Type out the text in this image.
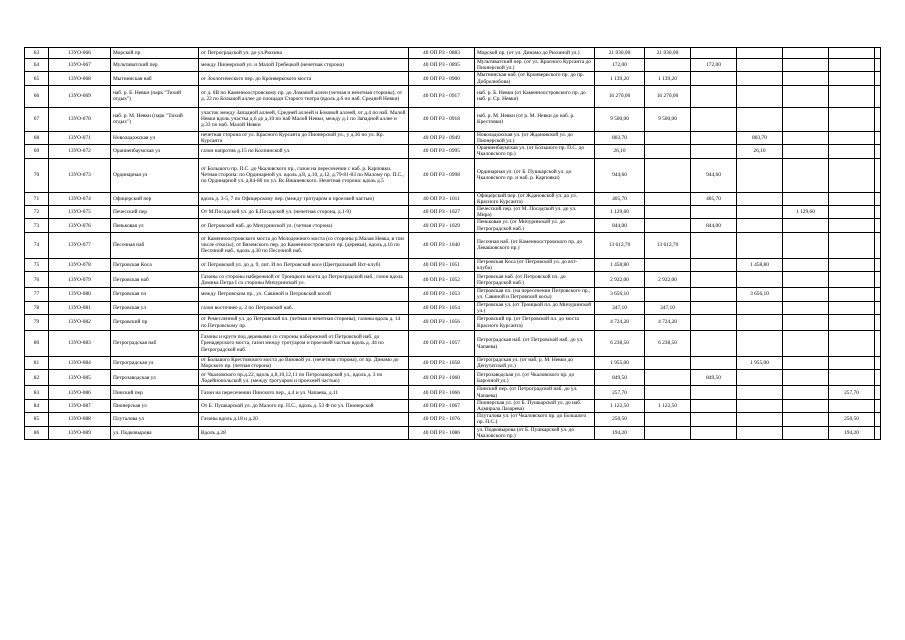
63	13УО-066	Морской пр	от Петроградской ул. до ул.Рюхина	40 ОП РЗ - 0883	Морской пр. (от ул. Динамо до Рюхиной ул.)	21 030,00	21 030,00					
64	13УО-067	Мультиватский пер	между Пионерской ул. и Малой Гребецкой (нечетная сторона)	40 ОП РЗ - 0895	Мультиватский пер. (от ул. Красного Курсанта до Пионерской ул.)	172,00		172,00				
65	13УО-068	Мытнинская наб	от Зоологического пер. до Кронверкского моста	40 ОП РЗ - 0900	Мытнинская наб. (от Кронверкского пр. до пр. Добролюбова)	1 139,20	1 139,20					
66	13УО-069	наб. р. Б. Невки (парк "Тихий отдых")	от д. 6В по Каменноостровскому пр. до Ломаной аллеи (четная и нечетная стороны), от д. 22 по Большой аллее до площади Старого театра (вдоль д.6 по наб. Средней Невки)	40 ОП РЗ - 0917	наб. р. Б. Невки (от Каменноостровского пр. до наб. р. Ср. Невки)	16 270,00	16 270,00					
67	13УО-070	наб. р. М. Невки (парк "Тихий отдых")	участок между Западной аллеей, Средней аллеей и Боковой аллеей, от д.4 по наб. Малой Невки вдоль участка д.6 до д.10 по наб Малой Невки, между д.1 по Западной аллее и д.33 по наб. Малой Невки	40 ОП РЗ - 0918	наб. р. М. Невки (от р. М. Невки до наб. р. Крестовки)	9 500,00	9 500,00					
68	13УО-071	Новоладожская ул	нечетная сторона от ул. Красного Курсанта до Пионерской ул., у д.36 по ул. Кр. Курсанта	40 ОП РЗ - 0949	Новоладожская ул. (от Ждановской ул. до Пионерской ул.)	803,70			803,70			
69	13УО-072	Ораниенбаумская ул	газон напротив д.15 по Колпинской ул.	40 ОП РЗ - 0995	Ораниенбаумская ул. (от Большого пр. П.С. до Чкаловского пр.)	26,10			26,10			
70	13УО-073	Ординарная ул	от Большого пр. П.С. до Чкаловского пр., газон на пересечении с наб. р. Карповки. Четная сторона: по Ординарной ул. вдоль д.8, д.10, д.12, д.79-81-83 по Малому пр. П.С., по Ординарной ул. д.84-86 по ул. Вс.Вишневского. Нечетная сторона: вдоль д.5	40 ОП РЗ - 0998	Ординарная ул. (от Б. Пушкарской ул. до Чкаловского пр. и наб. р. Карповки)	944,60		944,60				
71	13УО-074	Офицерский пер	вдоль д. 3-5, 7 по Офицерскому пер. (между тротуаром и проезжей частью)	40 ОП РЗ - 1011	Офицерский пер. (от Ждановской ул. до ул. Красного Курсанта)	405,70		405,70				
72	13УО-075	Печесский пер	От М.Посадской ул. до Б.Посадской ул. (нечетная сторона, д.1-9)	40 ОП РЗ - 1027	Печесский пер. (от М. Посадской ул. до ул. Мира)	1 129,60				1 129,60		
73	13УО-076	Пеньковая ул	от Петровской наб. до Мичуринской ул. (четная сторона)	40 ОП РЗ - 1029	Пеньковая ул. (от Мичуринской ул. до Петроградской наб.)	844,00		844,00				
74	13УО-077	Песочная наб	от Каменноостровского моста до Молодежного моста (со стороны р.Малая Невка, в том числе откосы), от Вяземского пер. до Каменноостровского пр. (деревья), вдоль д.16 по Песочной наб., вдоль д.30 по Песочной наб.	40 ОП РЗ - 1040	Песочная наб. (от Каменноостровского пр. до Левашовского пр.)	13 612,70	13 612,70					
75	13УО-078	Петровская Коса	от Петровской ул. до д. 9, лит. И по Петровской косе (Центральный Яхт-клуб)	40 ОП РЗ - 1051	Петровская Коса (от Петровской ул. до яхт-клуба)	1 458,80			1 458,80			
76	13УО-079	Петровская наб	Газоны со стороны набережной от Троицкого моста до Петроградской наб., газон вдоль Домика Петра I со стороны Мичуринской ул.	40 ОП РЗ - 1052	Петровская наб. (от Петровской пл. до Петроградской наб.)	2 932,00	2 932,00					
77	13УО-080	Петровская пл	между Петровским пр., ул. Савиной и Петровской косой	40 ОП РЗ - 1053	Петровская пл. (на пересечении Петровского пр., ул. Савиной и Петровской косы)	3 656,10			3 656,10			
78	13УО-081	Петровская ул	газон восточнее д. 2 по Петровской наб.	40 ОП РЗ - 1054	Петровская ул. (от Троицкой пл. до Мичуринской ул.)	347,10	347,10					
79	13УО-082	Петровский пр	от Ремесленной ул. до Петровской пл. (четная и нечетная стороны), газоны вдоль д. 14 по Петровскому пр.	40 ОП РЗ - 1056	Петровский пр. (от Петровской пл. до моста Красного Курсанта)	4 724,20	4 724,20					
80	13УО-083	Петроградская наб	Газоны и круги под деревьями со стороны набережной от Петровской наб. до Гренадерского моста, газон между тротуаром и проезжей частью вдоль д. 44 по Петроградской наб.	40 ОП РЗ - 1057	Петроградская наб. (от Петровской наб. до ул. Чапаева)	6 238,50	6 238,50					
81	13УО-084	Петроградская ул	от Большого Крестовского моста до Вязовой ул. (нечетная сторона), от пр. Динамо до Морского пр. (четная сторона)	40 ОП РЗ - 1058	Петроградская ул. (от наб. р. М. Невки до Депутатской ул.)	1 955,00			1 955,00			
82	13УО-085	Петрозаводская ул	от Чкаловского пр.д.22, вдоль д.8,10,12,11 по Петрозаводской ул., вдоль д. 3 по Лодейнопольской ул. (между тротуаром и проезжей частью)	40 ОП РЗ - 1060	Петрозаводская ул. (от Чкаловского пр. до Барочной ул.)	849,50		849,50				
83	13УО-086	Пинский пер	Газон на пересечении Пинского пер., д.4 и ул. Чапаева, д.11	40 ОП РЗ - 1066	Пинский пер. (от Петроградской наб. до ул. Чапаева)	257,70					257,70	
84	13УО-087	Пионерская ул	От Б. Пушкарской ул. до Малого пр. П.С., вдоль д. 53 Ф по ул. Пионерской	40 ОП РЗ - 1067	Пионерская ул. (от Б. Пушкарской ул. до наб. Адмирала Лазарева)	1 122,50	1 122,50					
85	13УО-088	Плуталова ул	Газоны вдоль д.18 и д.20	40 ОП РЗ - 1076	Плуталова ул. (от Чкаловского пр. до Большого пр. П.С.)	250,50					250,50	
86	13УО-089	ул. Подковырова	Вдоль д.28	40 ОП РЗ - 1086	ул. Подковырова (от Б. Пушкарской ул. до Чкаловского пр.)	194,20					194,20	
